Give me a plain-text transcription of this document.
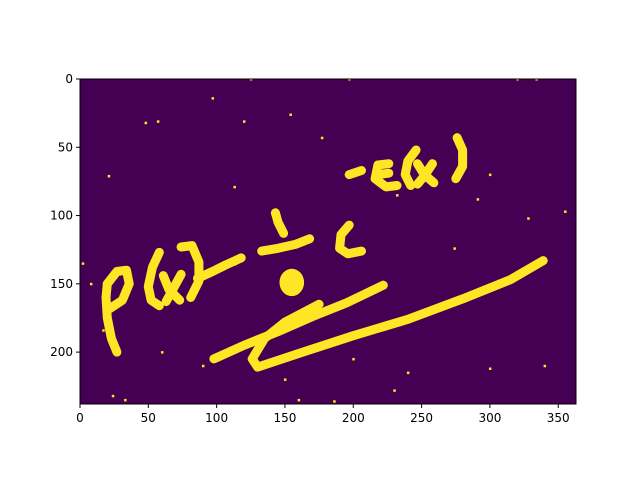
0	50	100	150	200	250	300	350
0
50
100
150
200
